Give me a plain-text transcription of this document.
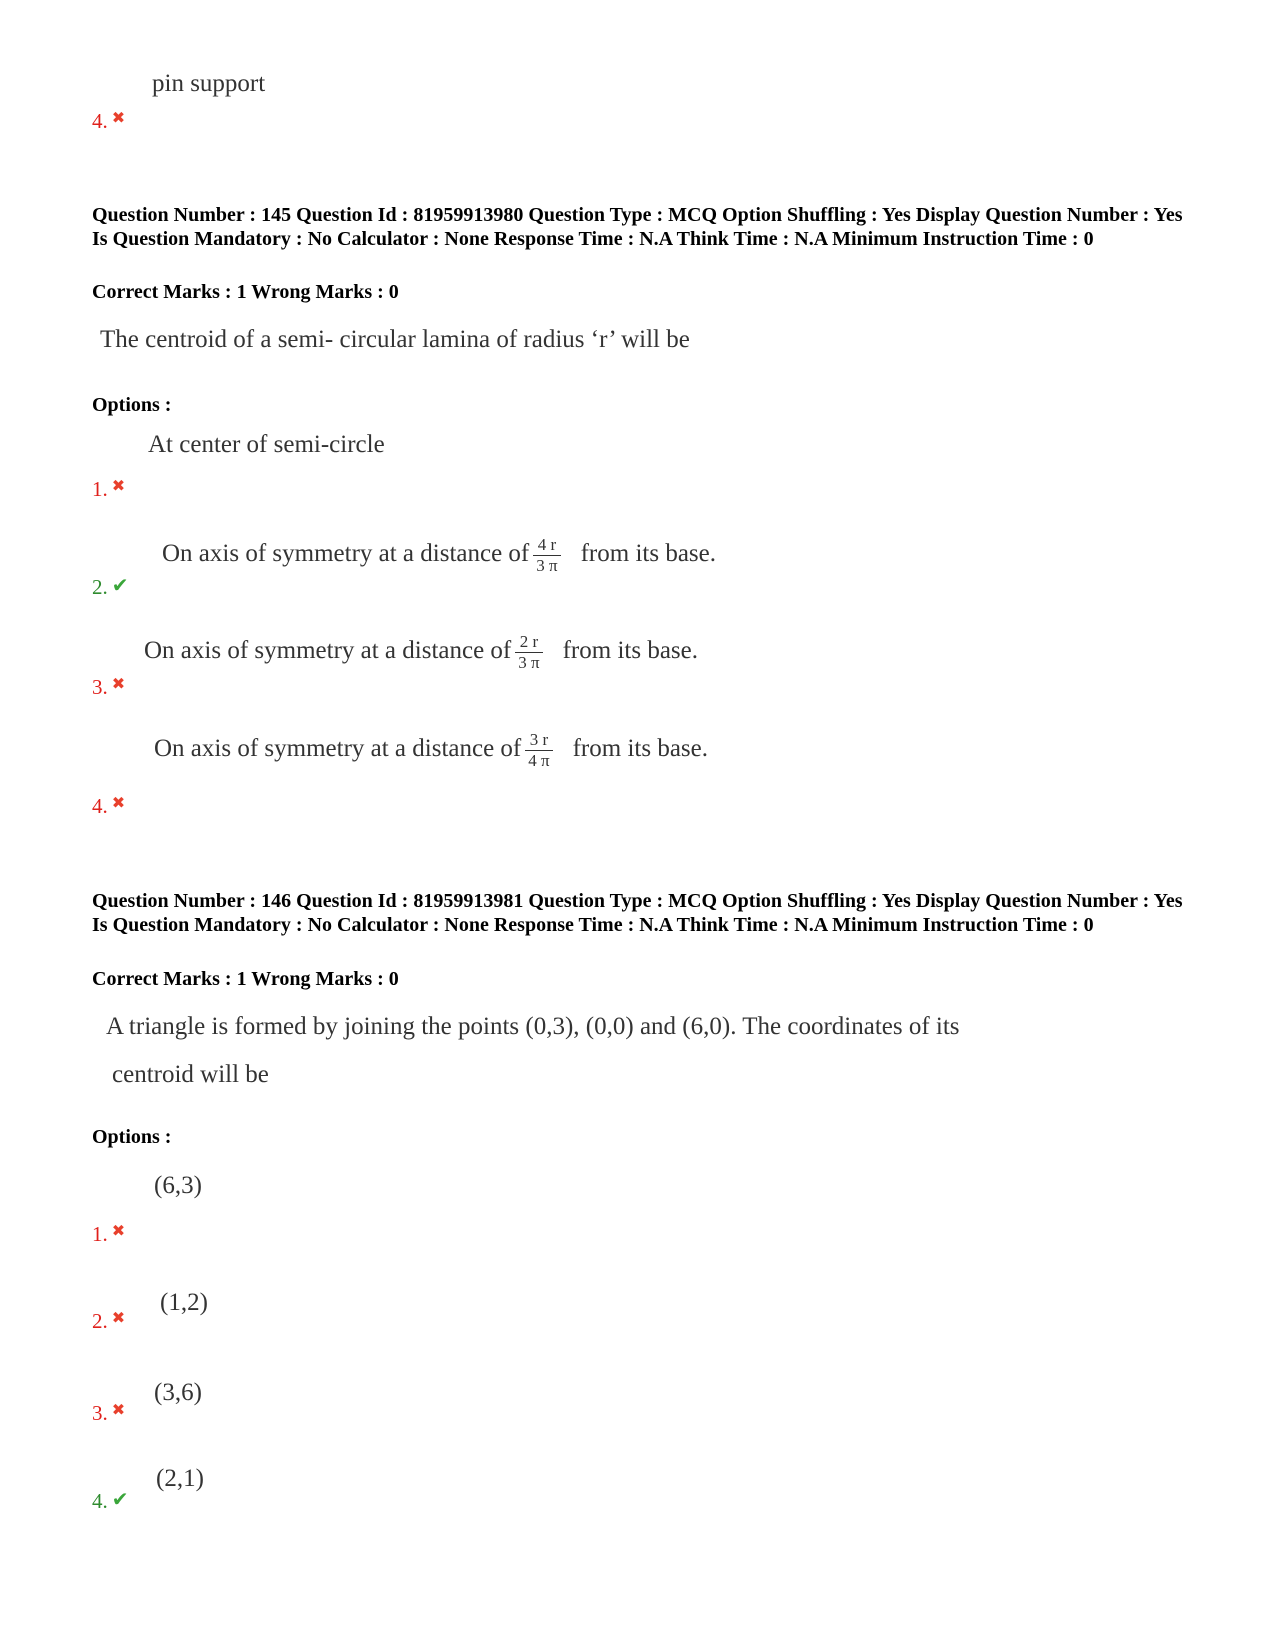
pin support
4. ✖
Question Number : 145 Question Id : 81959913980 Question Type : MCQ Option Shuffling : Yes Display Question Number : Yes Is Question Mandatory : No Calculator : None Response Time : N.A Think Time : N.A Minimum Instruction Time : 0
Correct Marks : 1 Wrong Marks : 0
The centroid of a semi- circular lamina of radius ‘r’ will be
Options :
At center of semi-circle
1. ✖
On axis of symmetry at a distance of $\frac{4 r}{3 \pi}$ from its base.
2. ✔
On axis of symmetry at a distance of $\frac{2 r}{3 \pi}$ from its base.
3. ✖
On axis of symmetry at a distance of $\frac{3 r}{4 \pi}$ from its base.
4. ✖
Question Number : 146 Question Id : 81959913981 Question Type : MCQ Option Shuffling : Yes Display Question Number : Yes Is Question Mandatory : No Calculator : None Response Time : N.A Think Time : N.A Minimum Instruction Time : 0
Correct Marks : 1 Wrong Marks : 0
A triangle is formed by joining the points (0,3), (0,0) and (6,0). The coordinates of its
centroid will be
Options :
(6,3)
1. ✖
(1,2)
2. ✖
(3,6)
3. ✖
(2,1)
4. ✔
